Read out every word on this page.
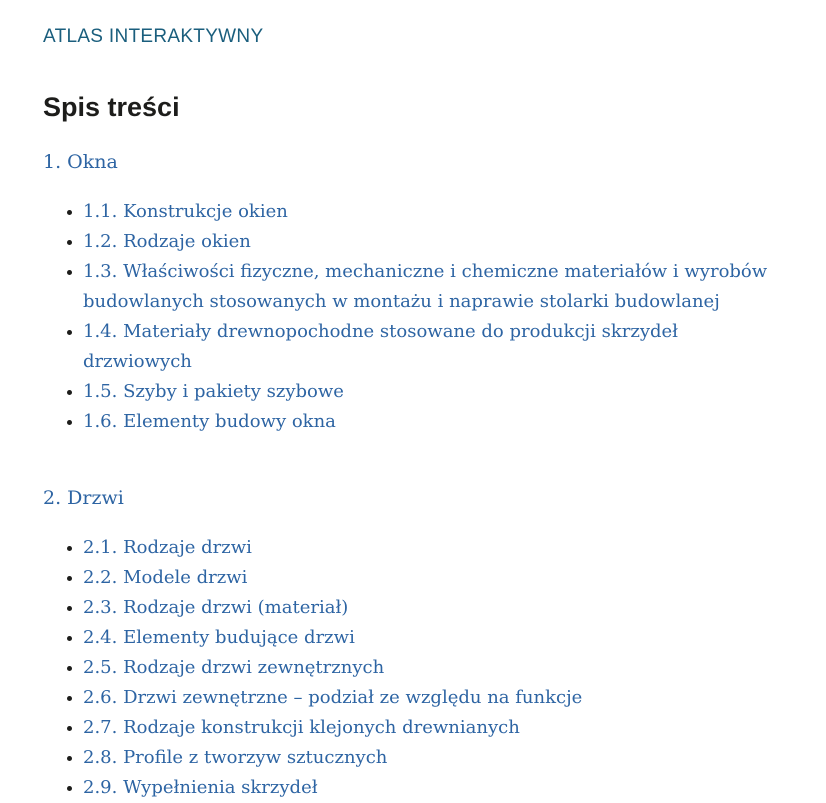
ATLAS INTERAKTYWNY
Spis treści
1. Okna
• 1.1. Konstrukcje okien
• 1.2. Rodzaje okien
• 1.3. Właściwości fizyczne, mechaniczne i chemiczne materiałów i wyrobów budowlanych stosowanych w montażu i naprawie stolarki budowlanej
• 1.4. Materiały drewnopochodne stosowane do produkcji skrzydeł drzwiowych
• 1.5. Szyby i pakiety szybowe
• 1.6. Elementy budowy okna
2. Drzwi
• 2.1. Rodzaje drzwi
• 2.2. Modele drzwi
• 2.3. Rodzaje drzwi (materiał)
• 2.4. Elementy budujące drzwi
• 2.5. Rodzaje drzwi zewnętrznych
• 2.6. Drzwi zewnętrzne – podział ze względu na funkcje
• 2.7. Rodzaje konstrukcji klejonych drewnianych
• 2.8. Profile z tworzyw sztucznych
• 2.9. Wypełnienia skrzydeł
